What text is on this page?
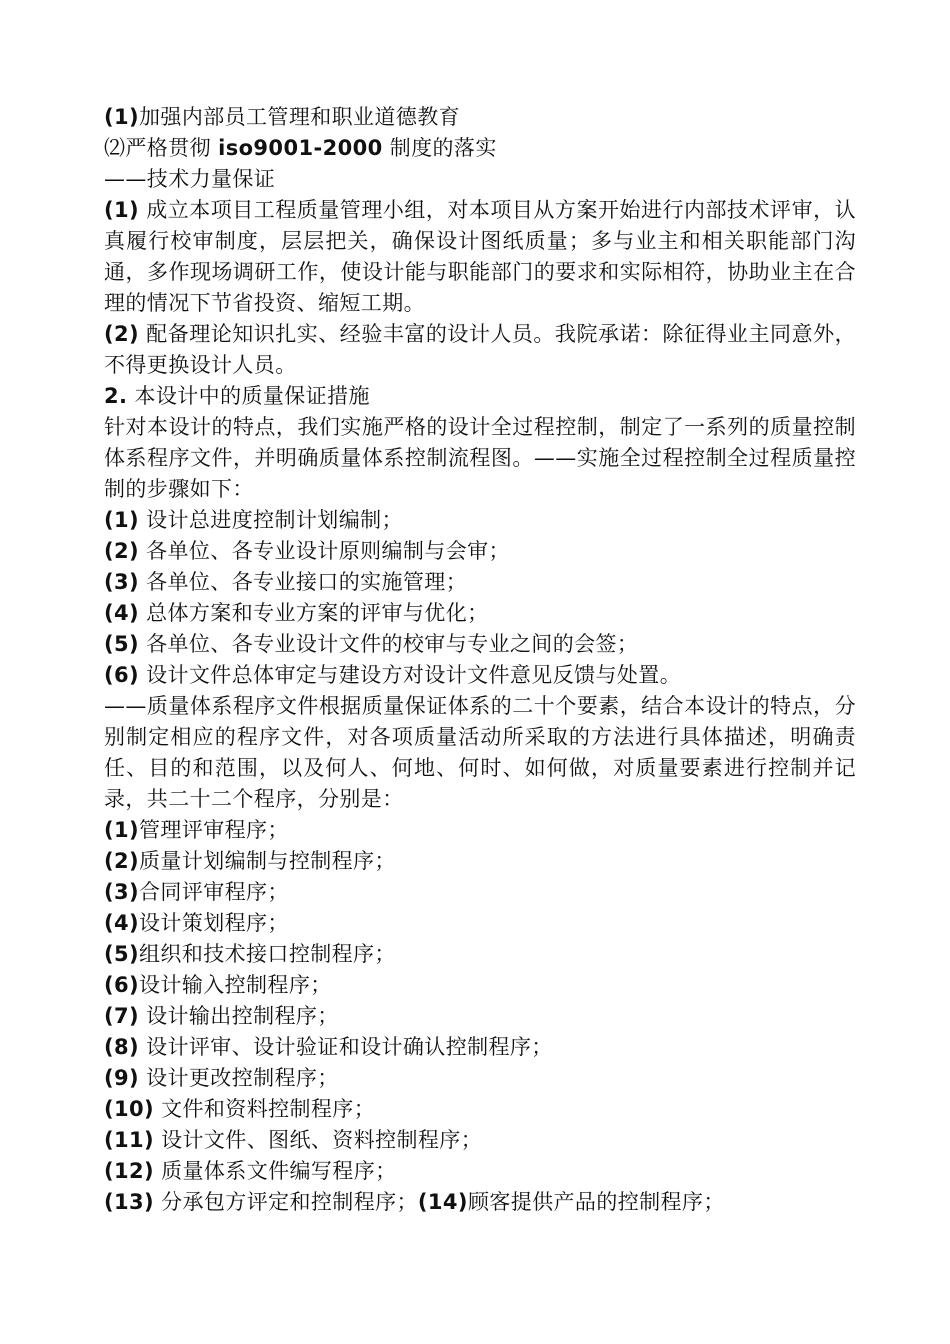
(1)加强内部员工管理和职业道德教育
⑵严格贯彻 iso9001-2000 制度的落实
——技术力量保证
(1) 成立本项目工程质量管理小组，对本项目从方案开始进行内部技术评审，认真履行校审制度，层层把关，确保设计图纸质量；多与业主和相关职能部门沟通，多作现场调研工作，使设计能与职能部门的要求和实际相符，协助业主在合理的情况下节省投资、缩短工期。
(2) 配备理论知识扎实、经验丰富的设计人员。我院承诺：除征得业主同意外，不得更换设计人员。
2. 本设计中的质量保证措施
针对本设计的特点，我们实施严格的设计全过程控制，制定了一系列的质量控制体系程序文件，并明确质量体系控制流程图。——实施全过程控制全过程质量控制的步骤如下：
(1) 设计总进度控制计划编制；
(2) 各单位、各专业设计原则编制与会审；
(3) 各单位、各专业接口的实施管理；
(4) 总体方案和专业方案的评审与优化；
(5) 各单位、各专业设计文件的校审与专业之间的会签；
(6) 设计文件总体审定与建设方对设计文件意见反馈与处置。
——质量体系程序文件根据质量保证体系的二十个要素，结合本设计的特点，分别制定相应的程序文件，对各项质量活动所采取的方法进行具体描述，明确责任、目的和范围，以及何人、何地、何时、如何做，对质量要素进行控制并记录，共二十二个程序，分别是：
(1)管理评审程序；
(2)质量计划编制与控制程序；
(3)合同评审程序；
(4)设计策划程序；
(5)组织和技术接口控制程序；
(6)设计输入控制程序；
(7) 设计输出控制程序；
(8) 设计评审、设计验证和设计确认控制程序；
(9) 设计更改控制程序；
(10) 文件和资料控制程序；
(11) 设计文件、图纸、资料控制程序；
(12) 质量体系文件编写程序；
(13) 分承包方评定和控制程序；(14)顾客提供产品的控制程序；
